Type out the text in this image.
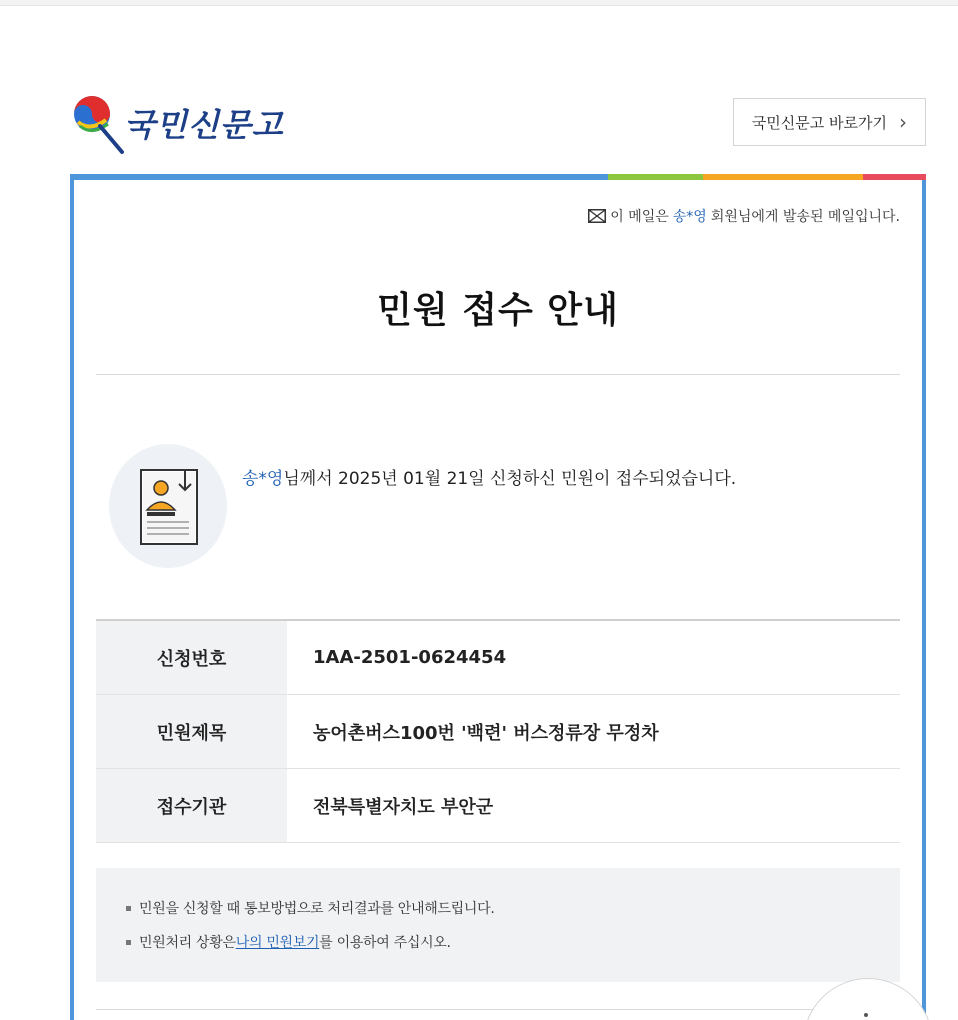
국민신문고	국민신문고 바로가기 ›
이 메일은 송*영 회원님에게 발송된 메일입니다.
민원 접수 안내
송*영님께서 2025년 01월 21일 신청하신 민원이 접수되었습니다.
신청번호	1AA-2501-0624454
민원제목	농어촌버스100번 '백련' 버스정류장 무정차
접수기관	전북특별자치도 부안군
민원을 신청할 때 통보방법으로 처리결과를 안내해드립니다.
민원처리 상황은 나의 민원보기 를 이용하여 주십시오.
